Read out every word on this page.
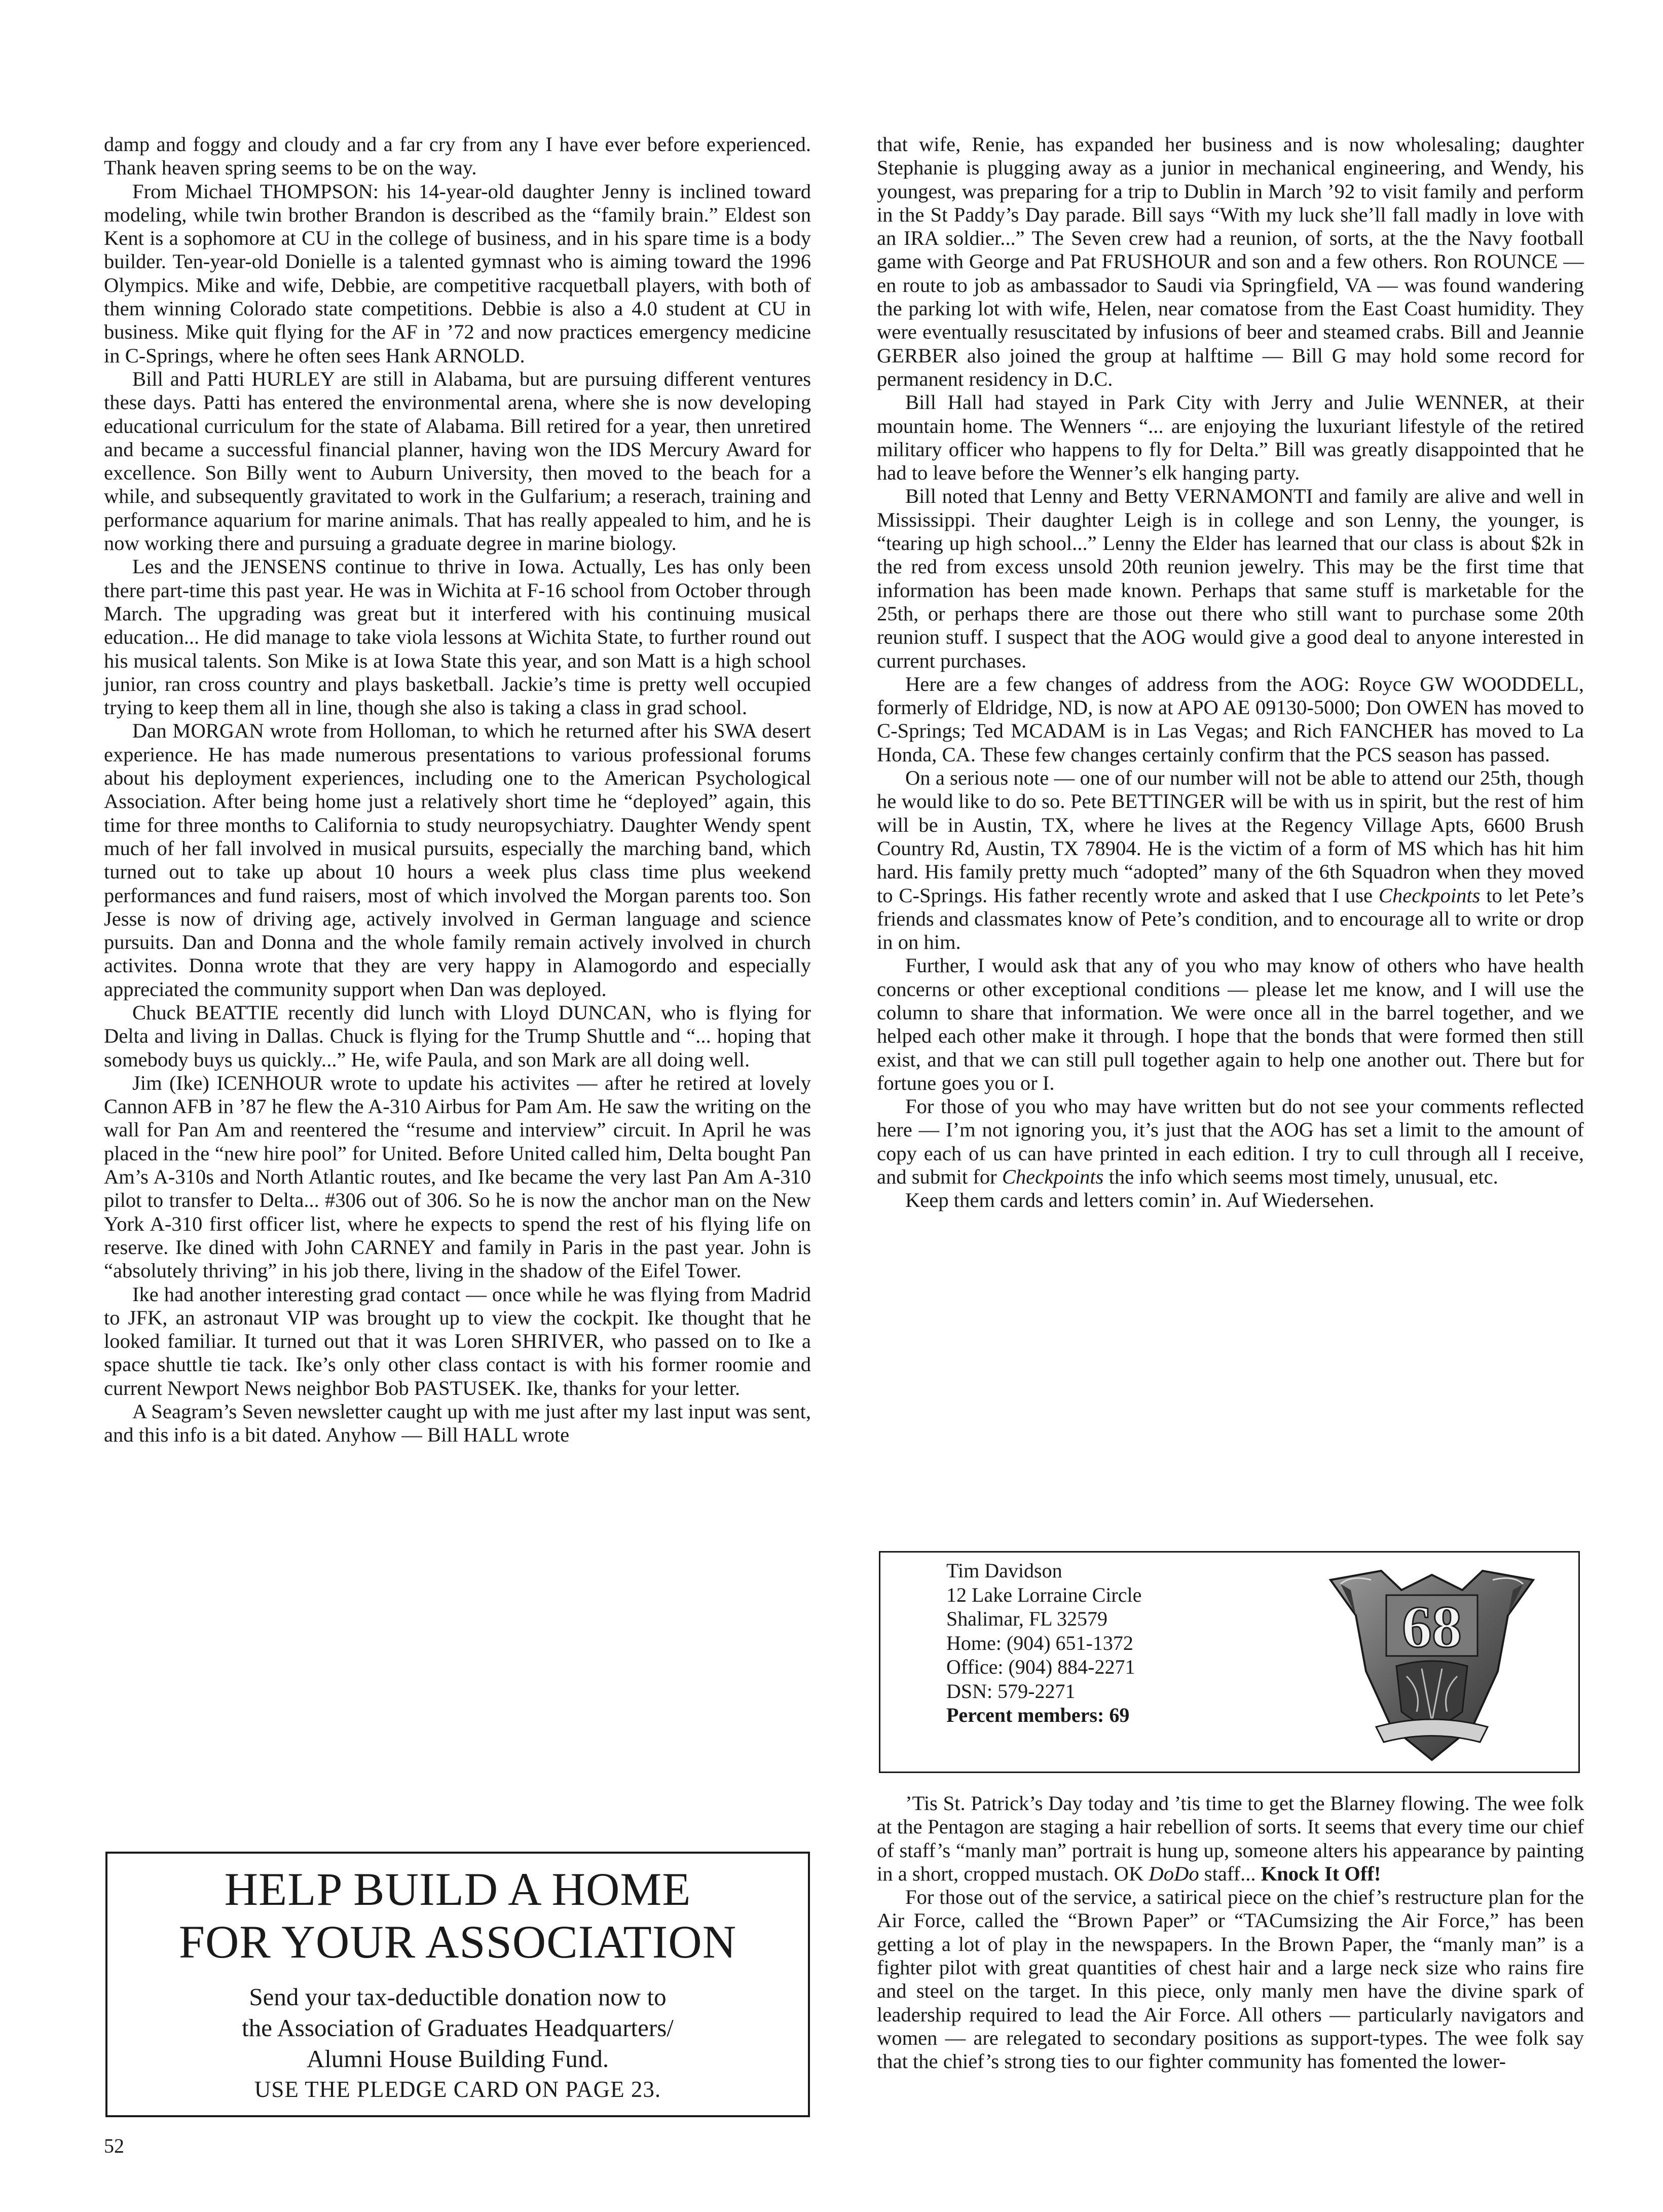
damp and foggy and cloudy and a far cry from any I have ever before experienced. Thank heaven spring seems to be on the way.

From Michael THOMPSON: his 14-year-old daughter Jenny is inclined toward modeling, while twin brother Brandon is described as the “family brain.” Eldest son Kent is a sophomore at CU in the college of business, and in his spare time is a body builder. Ten-year-old Donielle is a talented gymnast who is aiming toward the 1996 Olympics. Mike and wife, Debbie, are competitive racquetball players, with both of them winning Colorado state competitions. Debbie is also a 4.0 student at CU in business. Mike quit flying for the AF in ’72 and now practices emergency medicine in C-Springs, where he often sees Hank ARNOLD.

Bill and Patti HURLEY are still in Alabama, but are pursuing different ventures these days. Patti has entered the environmental arena, where she is now developing educational curriculum for the state of Alabama. Bill retired for a year, then unretired and became a successful financial planner, having won the IDS Mercury Award for excellence. Son Billy went to Auburn University, then moved to the beach for a while, and subsequently gravitated to work in the Gulfarium; a reserach, training and performance aquarium for marine animals. That has really appealed to him, and he is now working there and pursuing a graduate degree in marine biology.

Les and the JENSENS continue to thrive in Iowa. Actually, Les has only been there part-time this past year. He was in Wichita at F-16 school from October through March. The upgrading was great but it interfered with his continuing musical education... He did manage to take viola lessons at Wichita State, to further round out his musical talents. Son Mike is at Iowa State this year, and son Matt is a high school junior, ran cross country and plays basketball. Jackie’s time is pretty well occupied trying to keep them all in line, though she also is taking a class in grad school.

Dan MORGAN wrote from Holloman, to which he returned after his SWA desert experience. He has made numerous presentations to various professional forums about his deployment experiences, including one to the American Psychological Association. After being home just a relatively short time he “deployed” again, this time for three months to California to study neuropsychiatry. Daughter Wendy spent much of her fall involved in musical pursuits, especially the marching band, which turned out to take up about 10 hours a week plus class time plus weekend performances and fund raisers, most of which involved the Morgan parents too. Son Jesse is now of driving age, actively involved in German language and science pursuits. Dan and Donna and the whole family remain actively involved in church activites. Donna wrote that they are very happy in Alamogordo and especially appreciated the community support when Dan was deployed.

Chuck BEATTIE recently did lunch with Lloyd DUNCAN, who is flying for Delta and living in Dallas. Chuck is flying for the Trump Shuttle and “... hoping that somebody buys us quickly...” He, wife Paula, and son Mark are all doing well.

Jim (Ike) ICENHOUR wrote to update his activites — after he retired at lovely Cannon AFB in ’87 he flew the A-310 Airbus for Pam Am. He saw the writing on the wall for Pan Am and reentered the “resume and interview” circuit. In April he was placed in the “new hire pool” for United. Before United called him, Delta bought Pan Am’s A-310s and North Atlantic routes, and Ike became the very last Pan Am A-310 pilot to transfer to Delta... #306 out of 306. So he is now the anchor man on the New York A-310 first officer list, where he expects to spend the rest of his flying life on reserve. Ike dined with John CARNEY and family in Paris in the past year. John is “absolutely thriving” in his job there, living in the shadow of the Eifel Tower.

Ike had another interesting grad contact — once while he was flying from Madrid to JFK, an astronaut VIP was brought up to view the cockpit. Ike thought that he looked familiar. It turned out that it was Loren SHRIVER, who passed on to Ike a space shuttle tie tack. Ike’s only other class contact is with his former roomie and current Newport News neighbor Bob PASTUSEK. Ike, thanks for your letter.

A Seagram’s Seven newsletter caught up with me just after my last input was sent, and this info is a bit dated. Anyhow — Bill HALL wrote

that wife, Renie, has expanded her business and is now wholesaling; daughter Stephanie is plugging away as a junior in mechanical engineering, and Wendy, his youngest, was preparing for a trip to Dublin in March ’92 to visit family and perform in the St Paddy’s Day parade. Bill says “With my luck she’ll fall madly in love with an IRA soldier...” The Seven crew had a reunion, of sorts, at the the Navy football game with George and Pat FRUSHOUR and son and a few others. Ron ROUNCE — en route to job as ambassador to Saudi via Springfield, VA — was found wandering the parking lot with wife, Helen, near comatose from the East Coast humidity. They were eventually resuscitated by infusions of beer and steamed crabs. Bill and Jeannie GERBER also joined the group at halftime — Bill G may hold some record for permanent residency in D.C.

Bill Hall had stayed in Park City with Jerry and Julie WENNER, at their mountain home. The Wenners “... are enjoying the luxuriant lifestyle of the retired military officer who happens to fly for Delta.” Bill was greatly disappointed that he had to leave before the Wenner’s elk hanging party.

Bill noted that Lenny and Betty VERNAMONTI and family are alive and well in Mississippi. Their daughter Leigh is in college and son Lenny, the younger, is “tearing up high school...” Lenny the Elder has learned that our class is about $2k in the red from excess unsold 20th reunion jewelry. This may be the first time that information has been made known. Perhaps that same stuff is marketable for the 25th, or perhaps there are those out there who still want to purchase some 20th reunion stuff. I suspect that the AOG would give a good deal to anyone interested in current purchases.

Here are a few changes of address from the AOG: Royce GW WOODDELL, formerly of Eldridge, ND, is now at APO AE 09130-5000; Don OWEN has moved to C-Springs; Ted MCADAM is in Las Vegas; and Rich FANCHER has moved to La Honda, CA. These few changes certainly confirm that the PCS season has passed.

On a serious note — one of our number will not be able to attend our 25th, though he would like to do so. Pete BETTINGER will be with us in spirit, but the rest of him will be in Austin, TX, where he lives at the Regency Village Apts, 6600 Brush Country Rd, Austin, TX 78904. He is the victim of a form of MS which has hit him hard. His family pretty much “adopted” many of the 6th Squadron when they moved to C-Springs. His father recently wrote and asked that I use Checkpoints to let Pete’s friends and classmates know of Pete’s condition, and to encourage all to write or drop in on him.

Further, I would ask that any of you who may know of others who have health concerns or other exceptional conditions — please let me know, and I will use the column to share that information. We were once all in the barrel together, and we helped each other make it through. I hope that the bonds that were formed then still exist, and that we can still pull together again to help one another out. There but for fortune goes you or I.

For those of you who may have written but do not see your comments reflected here — I’m not ignoring you, it’s just that the AOG has set a limit to the amount of copy each of us can have printed in each edition. I try to cull through all I receive, and submit for Checkpoints the info which seems most timely, unusual, etc.

Keep them cards and letters comin’ in. Auf Wiedersehen.

’Tis St. Patrick’s Day today and ’tis time to get the Blarney flowing. The wee folk at the Pentagon are staging a hair rebellion of sorts. It seems that every time our chief of staff’s “manly man” portrait is hung up, someone alters his appearance by painting in a short, cropped mustach. OK DoDo staff... Knock It Off!

For those out of the service, a satirical piece on the chief’s restructure plan for the Air Force, called the “Brown Paper” or “TACumsizing the Air Force,” has been getting a lot of play in the newspapers. In the Brown Paper, the “manly man” is a fighter pilot with great quantities of chest hair and a large neck size who rains fire and steel on the target. In this piece, only manly men have the divine spark of leadership required to lead the Air Force. All others — particularly navigators and women — are relegated to secondary positions as support-types. The wee folk say that the chief’s strong ties to our fighter community has fomented the lower-

HELP BUILD A HOME
FOR YOUR ASSOCIATION
Send your tax-deductible donation now to
the Association of Graduates Headquarters/
Alumni House Building Fund.
USE THE PLEDGE CARD ON PAGE 23.
Tim Davidson
12 Lake Lorraine Circle
Shalimar, FL 32579
Home: (904) 651-1372
Office: (904) 884-2271
DSN: 579-2271
Percent members: 69
68
52
